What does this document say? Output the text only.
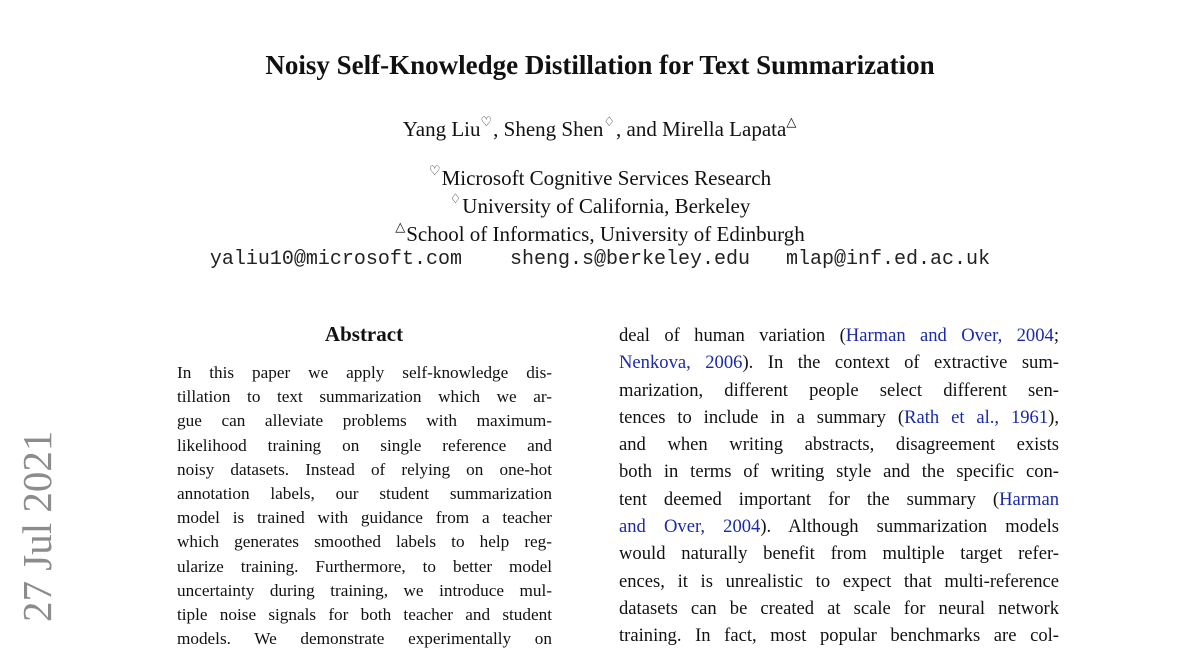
Noisy Self-Knowledge Distillation for Text Summarization
Yang Liu♡, Sheng Shen♢, and Mirella Lapata△
♡Microsoft Cognitive Services Research
♢University of California, Berkeley
△School of Informatics, University of Edinburgh
yaliu10@microsoft.com sheng.s@berkeley.edu mlap@inf.ed.ac.uk
27 Jul 2021
Abstract
In this paper we apply self-knowledge dis-
tillation to text summarization which we ar-
gue can alleviate problems with maximum-
likelihood training on single reference and
noisy datasets. Instead of relying on one-hot
annotation labels, our student summarization
model is trained with guidance from a teacher
which generates smoothed labels to help reg-
ularize training. Furthermore, to better model
uncertainty during training, we introduce mul-
tiple noise signals for both teacher and student
models. We demonstrate experimentally on
deal of human variation (Harman and Over, 2004;
Nenkova, 2006). In the context of extractive sum-
marization, different people select different sen-
tences to include in a summary (Rath et al., 1961),
and when writing abstracts, disagreement exists
both in terms of writing style and the specific con-
tent deemed important for the summary (Harman
and Over, 2004). Although summarization models
would naturally benefit from multiple target refer-
ences, it is unrealistic to expect that multi-reference
datasets can be created at scale for neural network
training. In fact, most popular benchmarks are col-
